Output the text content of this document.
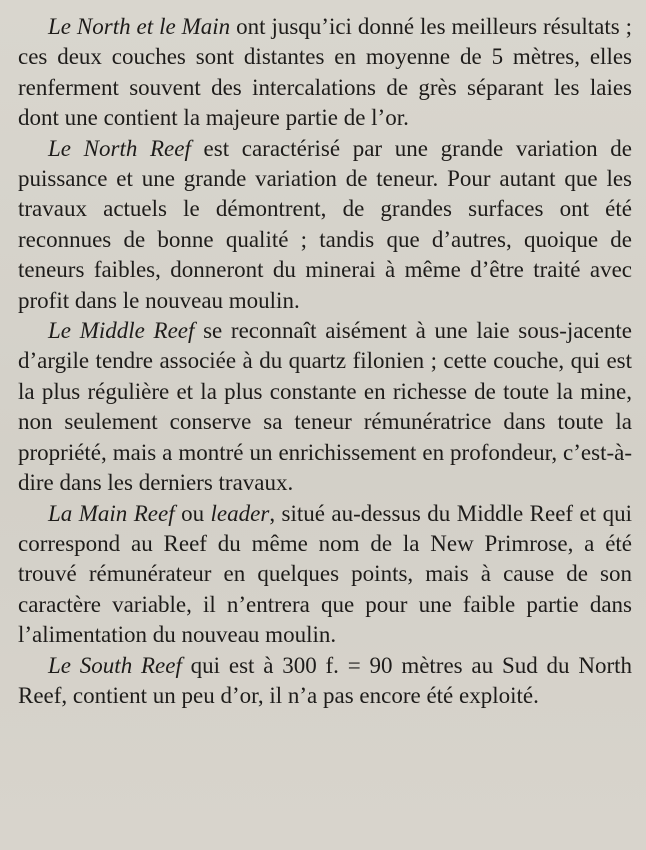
Le North et le Main ont jusqu’ici donné les meilleurs résultats ; ces deux couches sont distantes en moyenne de 5 mètres, elles renferment souvent des intercalations de grès séparant les laies dont une contient la majeure partie de l’or.

Le North Reef est caractérisé par une grande variation de puissance et une grande variation de teneur. Pour autant que les travaux actuels le démontrent, de grandes surfaces ont été reconnues de bonne qualité ; tandis que d’autres, quoique de teneurs faibles, donneront du minerai à même d’être traité avec profit dans le nouveau moulin.

Le Middle Reef se reconnaît aisément à une laie sous-jacente d’argile tendre associée à du quartz filonien ; cette couche, qui est la plus régulière et la plus constante en richesse de toute la mine, non seulement conserve sa teneur rémunératrice dans toute la propriété, mais a montré un enrichissement en profondeur, c’est-à-dire dans les derniers travaux.

La Main Reef ou leader, situé au-dessus du Middle Reef et qui correspond au Reef du même nom de la New Primrose, a été trouvé rémunérateur en quelques points, mais à cause de son caractère variable, il n’entrera que pour une faible partie dans l’alimentation du nouveau moulin.

Le South Reef qui est à 300 f. = 90 mètres au Sud du North Reef, contient un peu d’or, il n’a pas encore été exploité.
